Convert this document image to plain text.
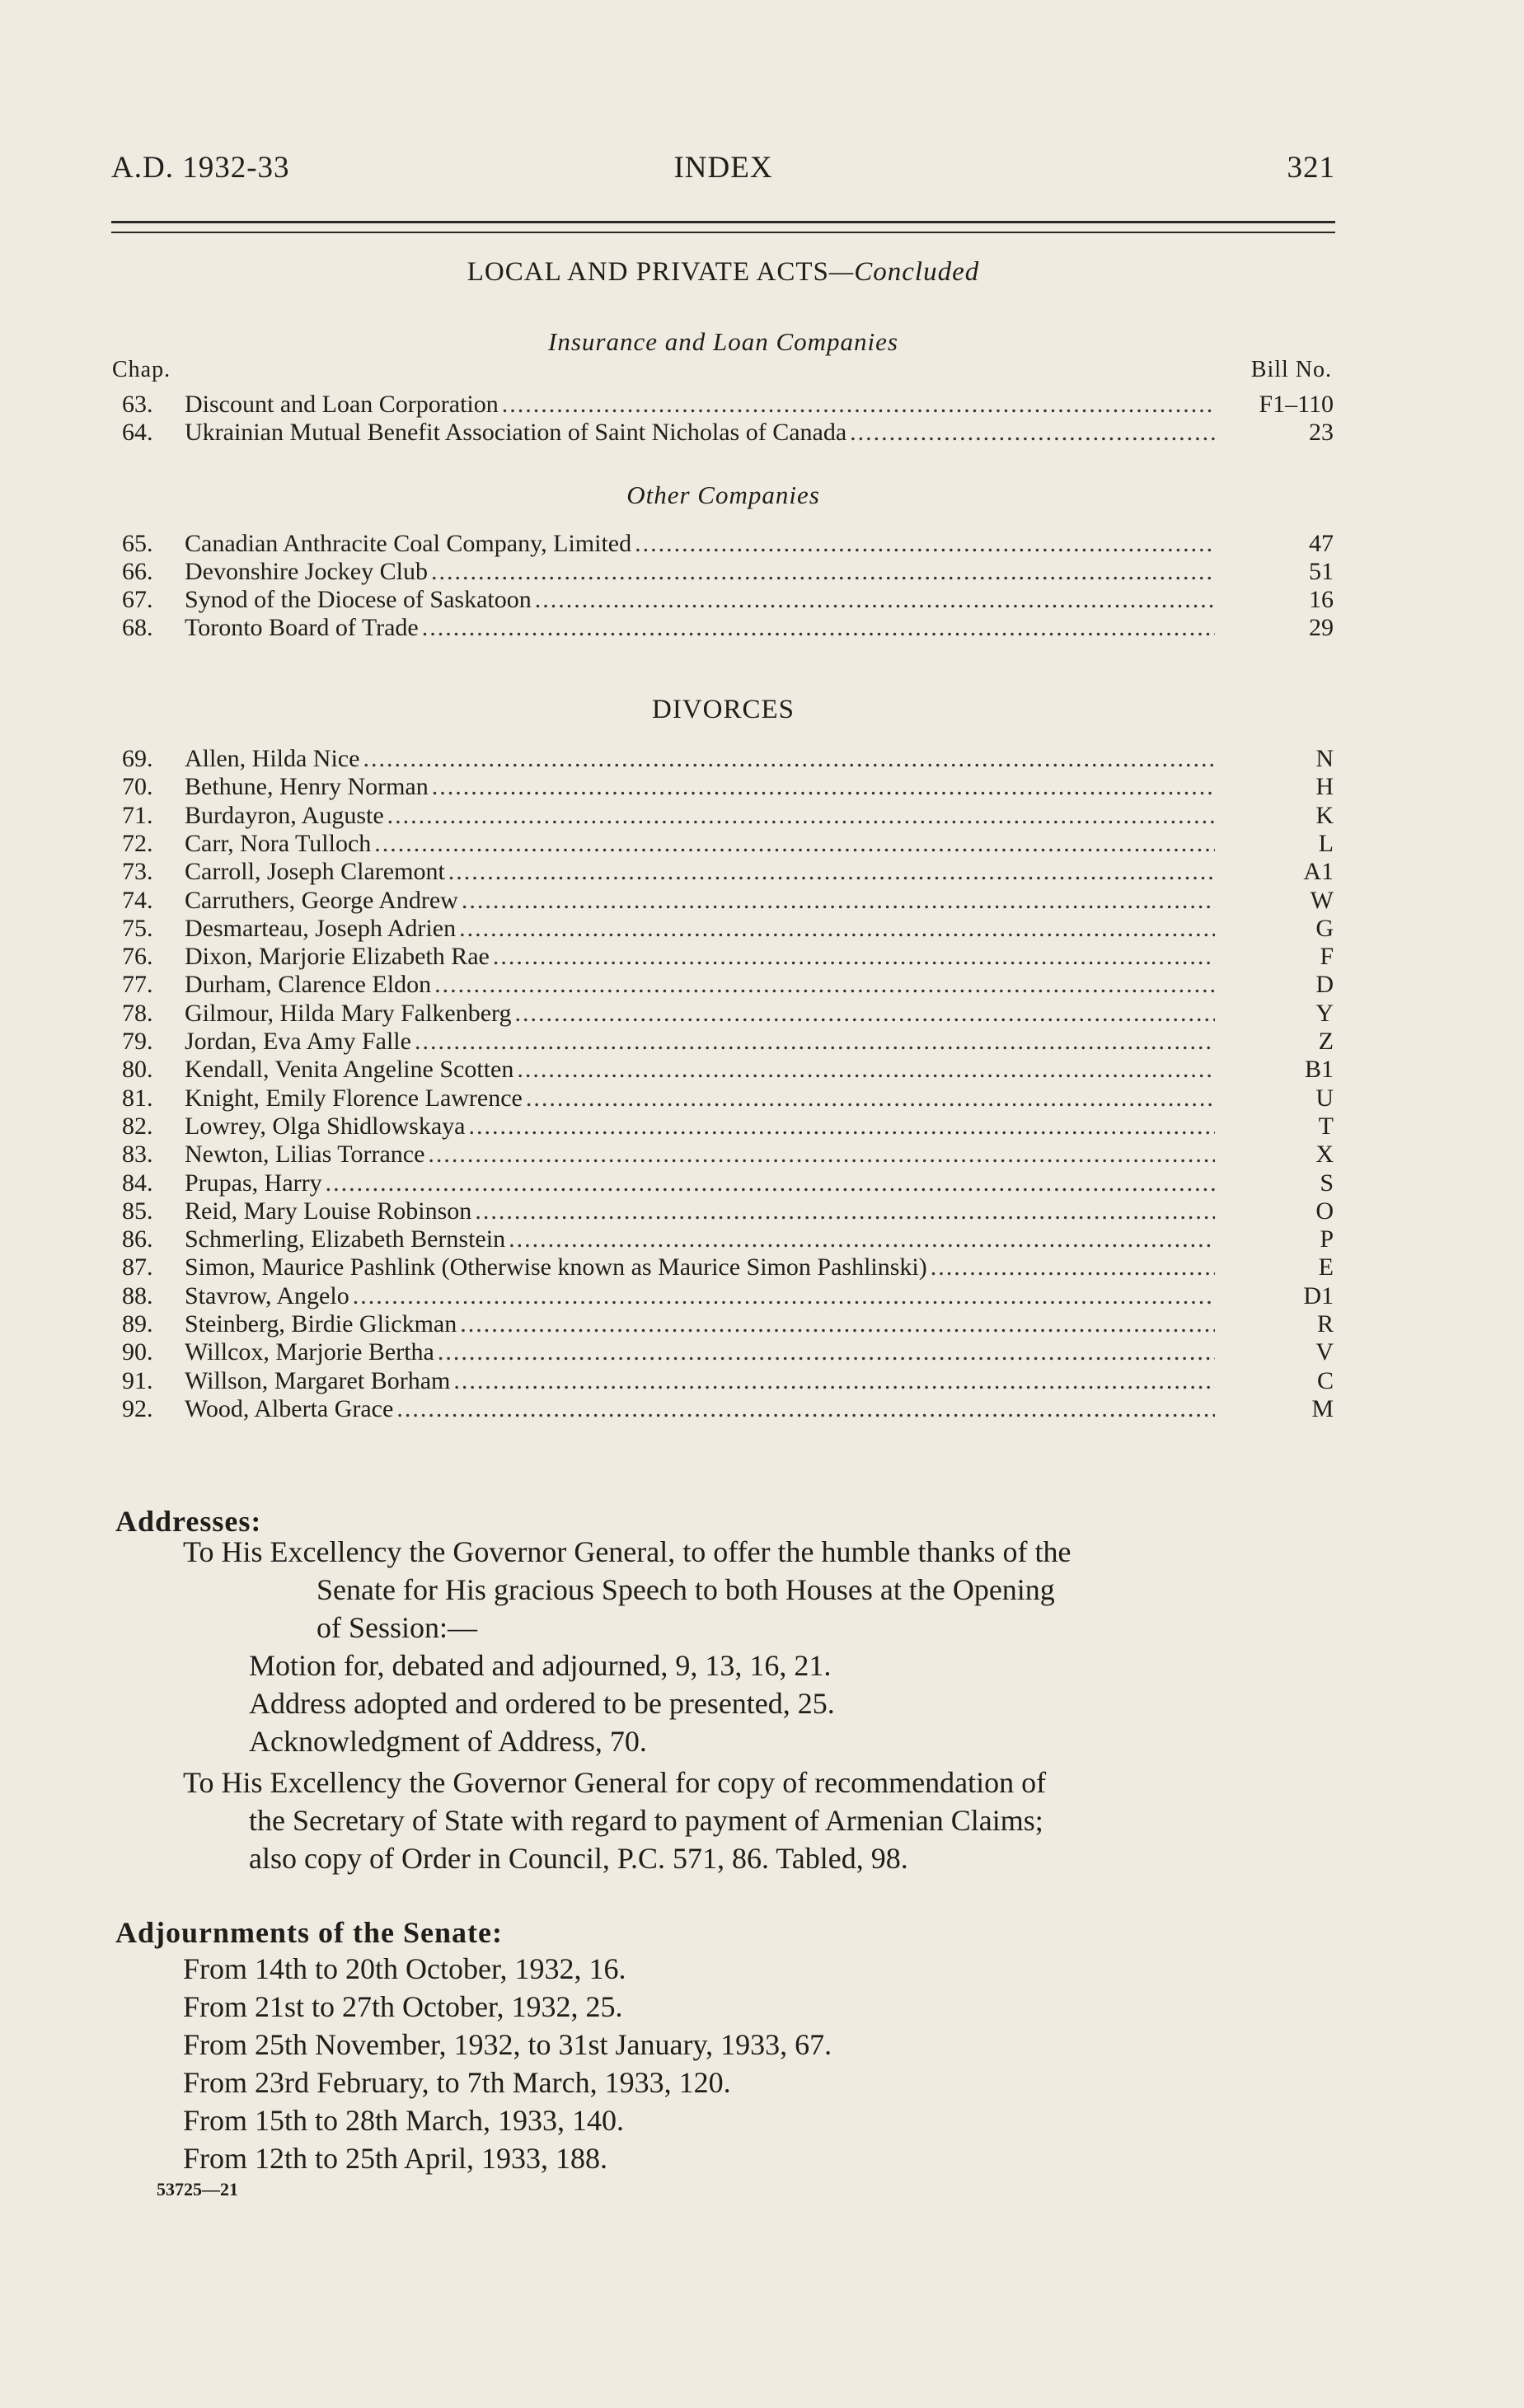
A.D. 1932-33	INDEX	321
LOCAL AND PRIVATE ACTS—Concluded
Insurance and Loan Companies
Chap.	Bill No.
63.	Discount and Loan Corporation .....	F1–110
64.	Ukrainian Mutual Benefit Association of Saint Nicholas of Canada .....	23
Other Companies
65.	Canadian Anthracite Coal Company, Limited .....	47
66.	Devonshire Jockey Club .....	51
67.	Synod of the Diocese of Saskatoon .....	16
68.	Toronto Board of Trade .....	29
DIVORCES
69.	Allen, Hilda Nice .....	N
70.	Bethune, Henry Norman .....	H
71.	Burdayron, Auguste .....	K
72.	Carr, Nora Tulloch .....	L
73.	Carroll, Joseph Claremont .....	A1
74.	Carruthers, George Andrew .....	W
75.	Desmarteau, Joseph Adrien .....	G
76.	Dixon, Marjorie Elizabeth Rae .....	F
77.	Durham, Clarence Eldon .....	D
78.	Gilmour, Hilda Mary Falkenberg .....	Y
79.	Jordan, Eva Amy Falle .....	Z
80.	Kendall, Venita Angeline Scotten .....	B1
81.	Knight, Emily Florence Lawrence .....	U
82.	Lowrey, Olga Shidlowskaya .....	T
83.	Newton, Lilias Torrance .....	X
84.	Prupas, Harry .....	S
85.	Reid, Mary Louise Robinson .....	O
86.	Schmerling, Elizabeth Bernstein .....	P
87.	Simon, Maurice Pashlink (Otherwise known as Maurice Simon Pashlinski) .....	E
88.	Stavrow, Angelo .....	D1
89.	Steinberg, Birdie Glickman .....	R
90.	Willcox, Marjorie Bertha .....	V
91.	Willson, Margaret Borham .....	C
92.	Wood, Alberta Grace .....	M
Addresses:
To His Excellency the Governor General, to offer the humble thanks of the
Senate for His gracious Speech to both Houses at the Opening
of Session:—
Motion for, debated and adjourned, 9, 13, 16, 21.
Address adopted and ordered to be presented, 25.
Acknowledgment of Address, 70.
To His Excellency the Governor General for copy of recommendation of
the Secretary of State with regard to payment of Armenian Claims;
also copy of Order in Council, P.C. 571, 86. Tabled, 98.
Adjournments of the Senate:
From 14th to 20th October, 1932, 16.
From 21st to 27th October, 1932, 25.
From 25th November, 1932, to 31st January, 1933, 67.
From 23rd February, to 7th March, 1933, 120.
From 15th to 28th March, 1933, 140.
From 12th to 25th April, 1933, 188.
53725—21
